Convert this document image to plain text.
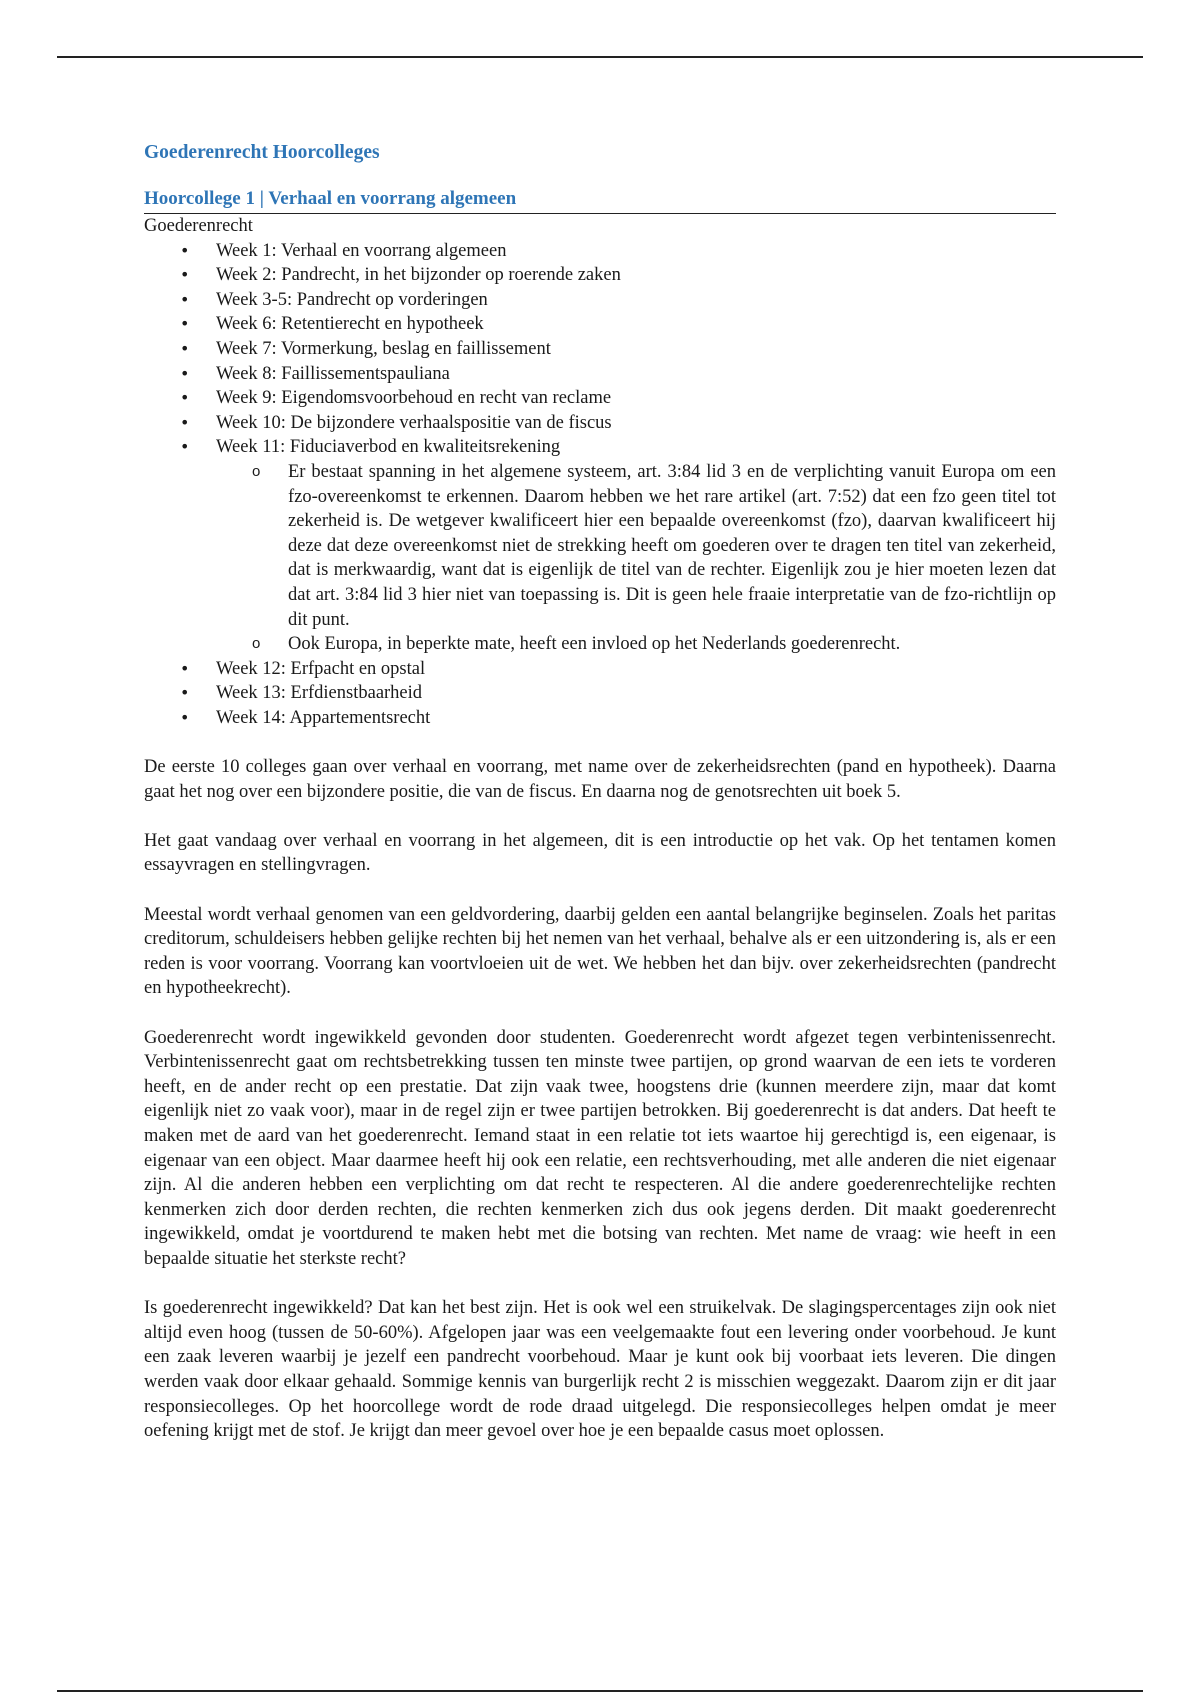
Goederenrecht Hoorcolleges
Hoorcollege 1 | Verhaal en voorrang algemeen

Goederenrecht

• Week 1: Verhaal en voorrang algemeen
• Week 2: Pandrecht, in het bijzonder op roerende zaken
• Week 3-5: Pandrecht op vorderingen
• Week 6: Retentierecht en hypotheek
• Week 7: Vormerkung, beslag en faillissement
• Week 8: Faillissementspauliana
• Week 9: Eigendomsvoorbehoud en recht van reclame
• Week 10: De bijzondere verhaalspositie van de fiscus
• Week 11: Fiduciaverbod en kwaliteitsrekening
o Er bestaat spanning in het algemene systeem, art. 3:84 lid 3 en de verplichting vanuit Europa om een fzo-overeenkomst te erkennen. Daarom hebben we het rare artikel (art. 7:52) dat een fzo geen titel tot zekerheid is. De wetgever kwalificeert hier een bepaalde overeenkomst (fzo), daarvan kwalificeert hij deze dat deze overeenkomst niet de strekking heeft om goederen over te dragen ten titel van zekerheid, dat is merkwaardig, want dat is eigenlijk de titel van de rechter. Eigenlijk zou je hier moeten lezen dat dat art. 3:84 lid 3 hier niet van toepassing is. Dit is geen hele fraaie interpretatie van de fzo-richtlijn op dit punt.
o Ook Europa, in beperkte mate, heeft een invloed op het Nederlands goederenrecht.
• Week 12: Erfpacht en opstal
• Week 13: Erfdienstbaarheid
• Week 14: Appartementsrecht

De eerste 10 colleges gaan over verhaal en voorrang, met name over de zekerheidsrechten (pand en hypotheek). Daarna gaat het nog over een bijzondere positie, die van de fiscus. En daarna nog de genotsrechten uit boek 5.

Het gaat vandaag over verhaal en voorrang in het algemeen, dit is een introductie op het vak. Op het tentamen komen essayvragen en stellingvragen.

Meestal wordt verhaal genomen van een geldvordering, daarbij gelden een aantal belangrijke beginselen. Zoals het paritas creditorum, schuldeisers hebben gelijke rechten bij het nemen van het verhaal, behalve als er een uitzondering is, als er een reden is voor voorrang. Voorrang kan voortvloeien uit de wet. We hebben het dan bijv. over zekerheidsrechten (pandrecht en hypotheekrecht).

Goederenrecht wordt ingewikkeld gevonden door studenten. Goederenrecht wordt afgezet tegen verbintenissenrecht. Verbintenissenrecht gaat om rechtsbetrekking tussen ten minste twee partijen, op grond waarvan de een iets te vorderen heeft, en de ander recht op een prestatie. Dat zijn vaak twee, hoogstens drie (kunnen meerdere zijn, maar dat komt eigenlijk niet zo vaak voor), maar in de regel zijn er twee partijen betrokken. Bij goederenrecht is dat anders. Dat heeft te maken met de aard van het goederenrecht. Iemand staat in een relatie tot iets waartoe hij gerechtigd is, een eigenaar, is eigenaar van een object. Maar daarmee heeft hij ook een relatie, een rechtsverhouding, met alle anderen die niet eigenaar zijn. Al die anderen hebben een verplichting om dat recht te respecteren. Al die andere goederenrechtelijke rechten kenmerken zich door derden rechten, die rechten kenmerken zich dus ook jegens derden. Dit maakt goederenrecht ingewikkeld, omdat je voortdurend te maken hebt met die botsing van rechten. Met name de vraag: wie heeft in een bepaalde situatie het sterkste recht?

Is goederenrecht ingewikkeld? Dat kan het best zijn. Het is ook wel een struikelvak. De slagingspercentages zijn ook niet altijd even hoog (tussen de 50-60%). Afgelopen jaar was een veelgemaakte fout een levering onder voorbehoud. Je kunt een zaak leveren waarbij je jezelf een pandrecht voorbehoud. Maar je kunt ook bij voorbaat iets leveren. Die dingen werden vaak door elkaar gehaald. Sommige kennis van burgerlijk recht 2 is misschien weggezakt. Daarom zijn er dit jaar responsiecolleges. Op het hoorcollege wordt de rode draad uitgelegd. Die responsiecolleges helpen omdat je meer oefening krijgt met de stof. Je krijgt dan meer gevoel over hoe je een bepaalde casus moet oplossen.
